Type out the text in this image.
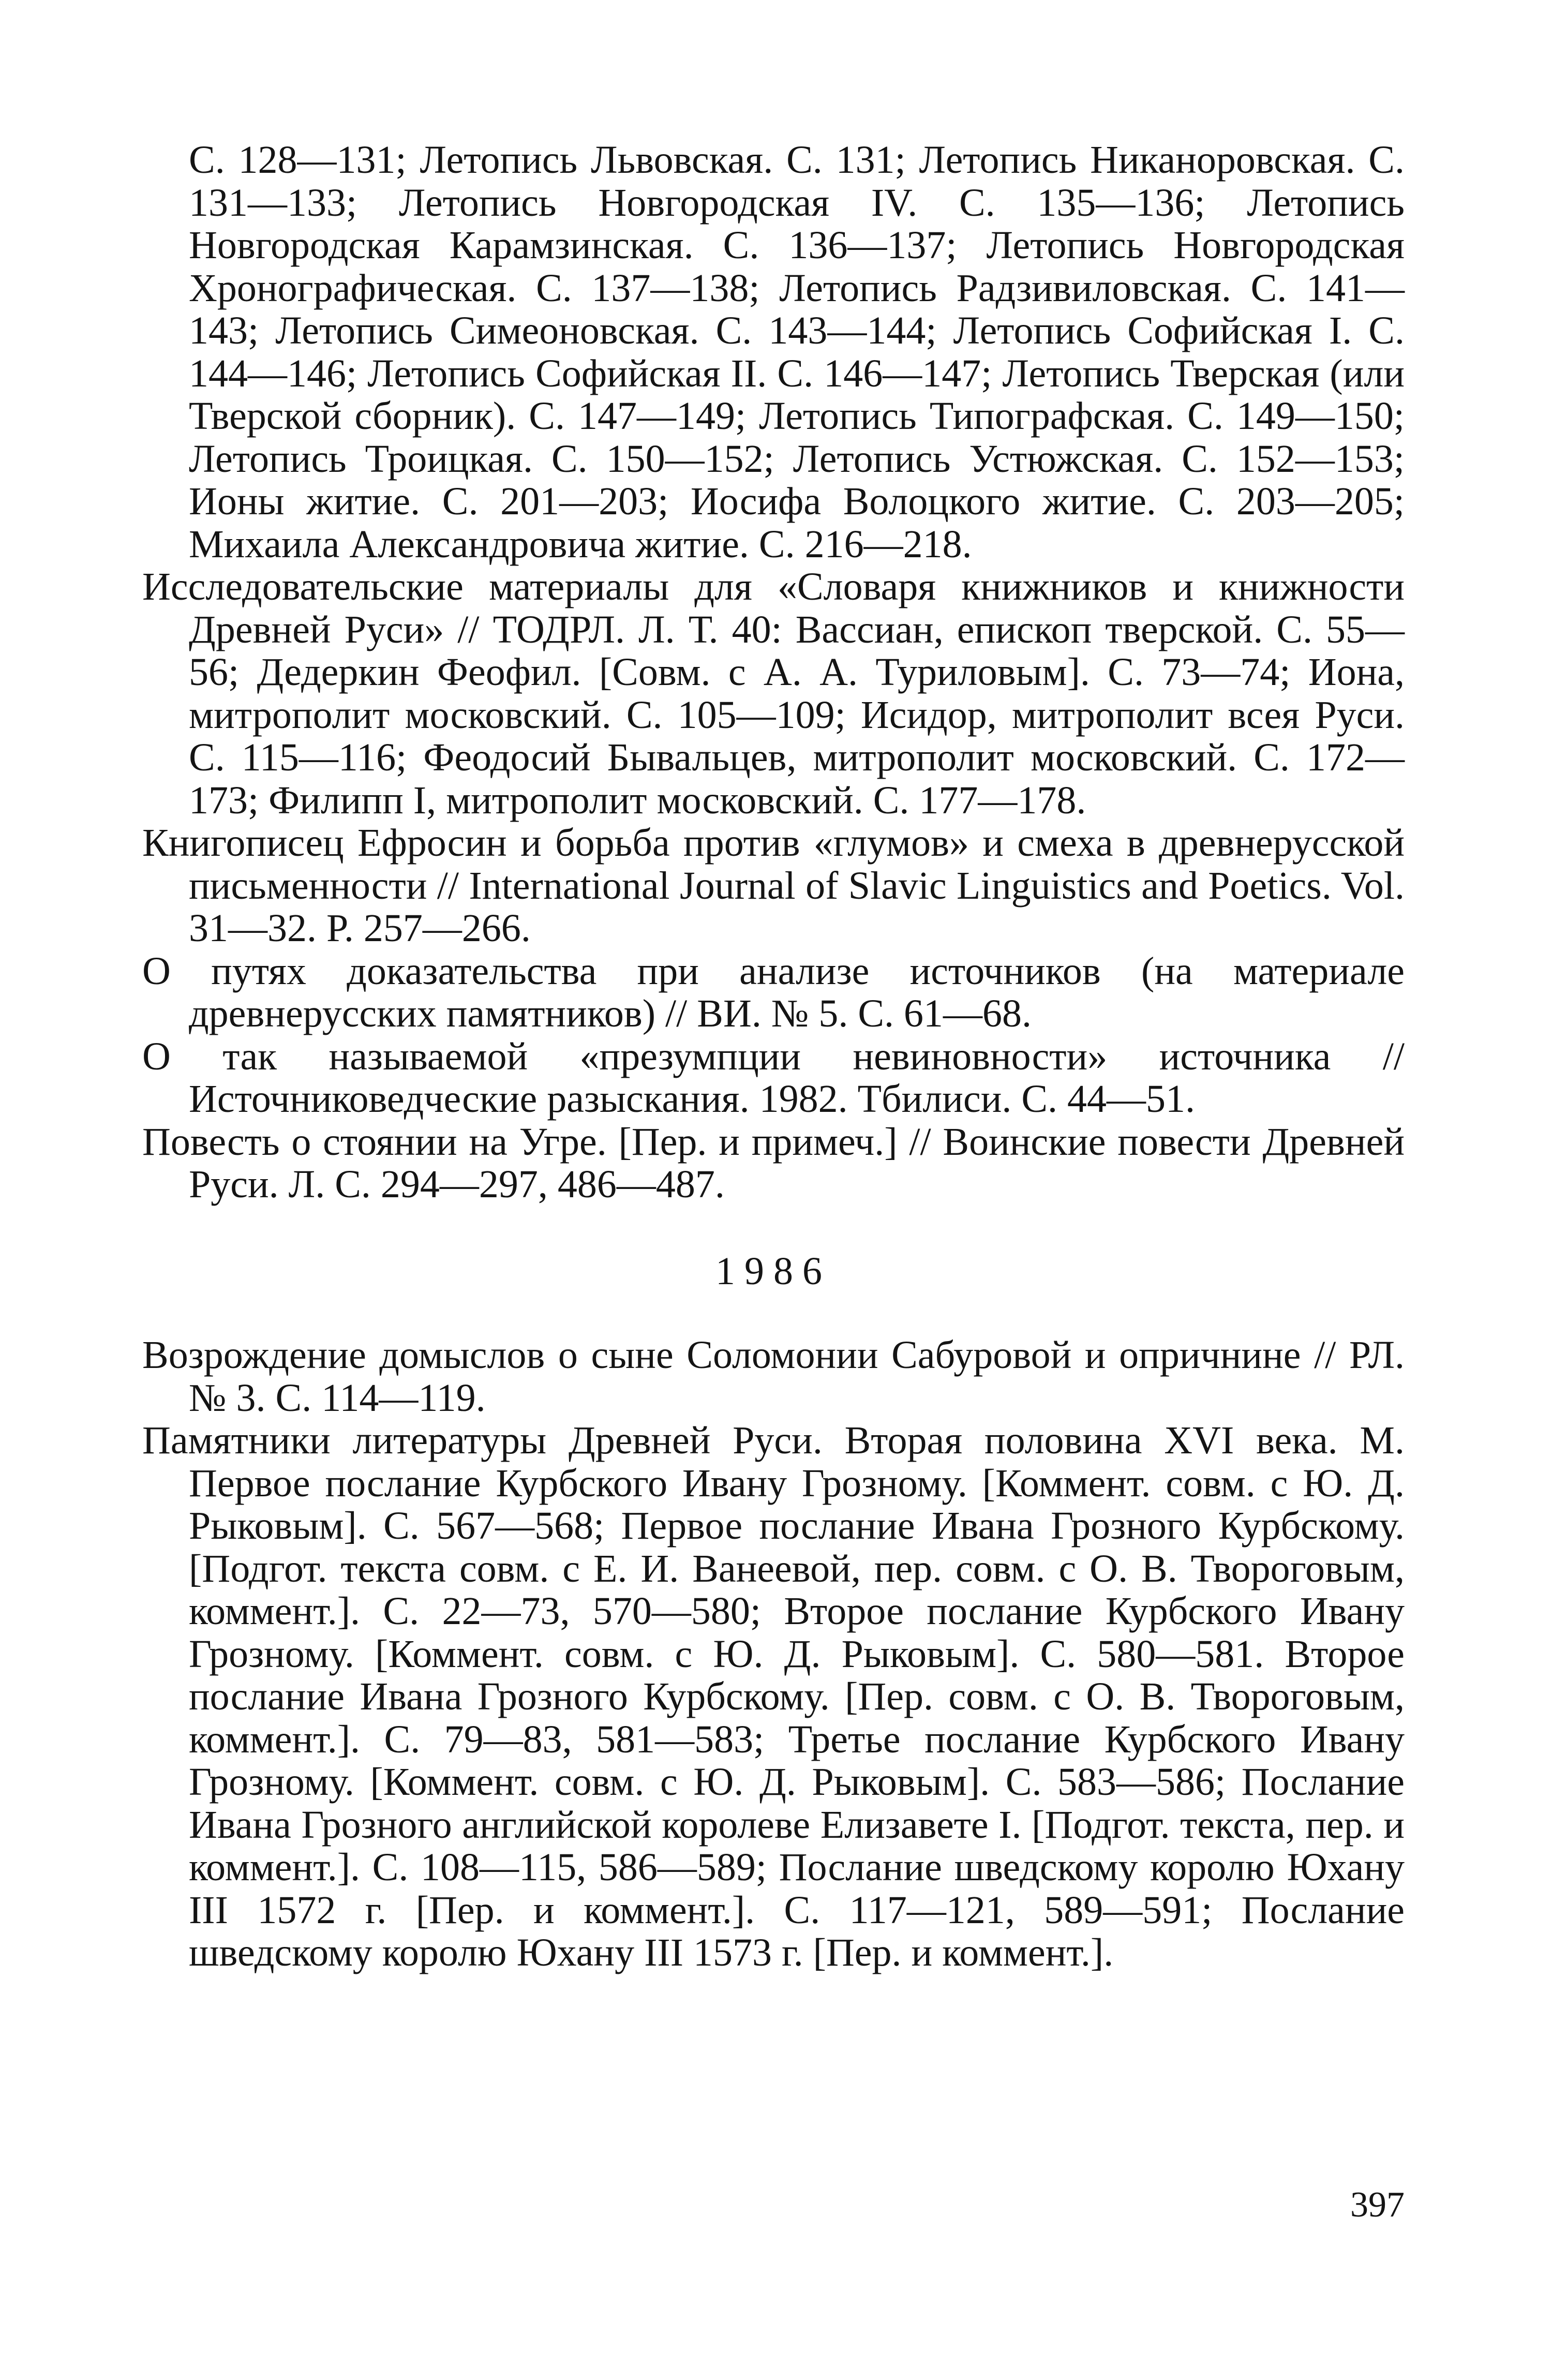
С. 128—131; Летопись Львовская. С. 131; Летопись Никаноровская. С. 131—133; Летопись Новгородская IV. С. 135—136; Летопись Новгородская Карамзинская. С. 136—137; Летопись Новгородская Хронографическая. С. 137—138; Летопись Радзивиловская. С. 141—143; Летопись Симеоновская. С. 143—144; Летопись Софийская I. С. 144—146; Летопись Софийская II. С. 146—147; Летопись Тверская (или Тверской сборник). С. 147—149; Летопись Типографская. С. 149—150; Летопись Троицкая. С. 150—152; Летопись Устюжская. С. 152—153; Ионы житие. С. 201—203; Иосифа Волоцкого житие. С. 203—205; Михаила Александровича житие. С. 216—218.

Исследовательские материалы для «Словаря книжников и книжности Древней Руси» // ТОДРЛ. Л. Т. 40: Вассиан, епископ тверской. С. 55—56; Дедеркин Феофил. [Совм. с А. А. Туриловым]. С. 73—74; Иона, митрополит московский. С. 105—109; Исидор, митрополит всея Руси. С. 115—116; Феодосий Бывальцев, митрополит московский. С. 172—173; Филипп I, митрополит московский. С. 177—178.

Книгописец Ефросин и борьба против «глумов» и смеха в древнерусской письменности // International Journal of Slavic Linguistics and Poetics. Vol. 31—32. P. 257—266.

О путях доказательства при анализе источников (на материале древнерусских памятников) // ВИ. № 5. С. 61—68.

О так называемой «презумпции невиновности» источника // Источниковедческие разыскания. 1982. Тбилиси. С. 44—51.

Повесть о стоянии на Угре. [Пер. и примеч.] // Воинские повести Древней Руси. Л. С. 294—297, 486—487.

1986

Возрождение домыслов о сыне Соломонии Сабуровой и опричнине // РЛ. № 3. С. 114—119.

Памятники литературы Древней Руси. Вторая половина XVI века. М. Первое послание Курбского Ивану Грозному. [Коммент. совм. с Ю. Д. Рыковым]. С. 567—568; Первое послание Ивана Грозного Курбскому. [Подгот. текста совм. с Е. И. Ванеевой, пер. совм. с О. В. Твороговым, коммент.]. С. 22—73, 570—580; Второе послание Курбского Ивану Грозному. [Коммент. совм. с Ю. Д. Рыковым]. С. 580—581. Второе послание Ивана Грозного Курбскому. [Пер. совм. с О. В. Твороговым, коммент.]. С. 79—83, 581—583; Третье послание Курбского Ивану Грозному. [Коммент. совм. с Ю. Д. Рыковым]. С. 583—586; Послание Ивана Грозного английской королеве Елизавете I. [Подгот. текста, пер. и коммент.]. С. 108—115, 586—589; Послание шведскому королю Юхану III 1572 г. [Пер. и коммент.]. С. 117—121, 589—591; Послание шведскому королю Юхану III 1573 г. [Пер. и коммент.].

397
